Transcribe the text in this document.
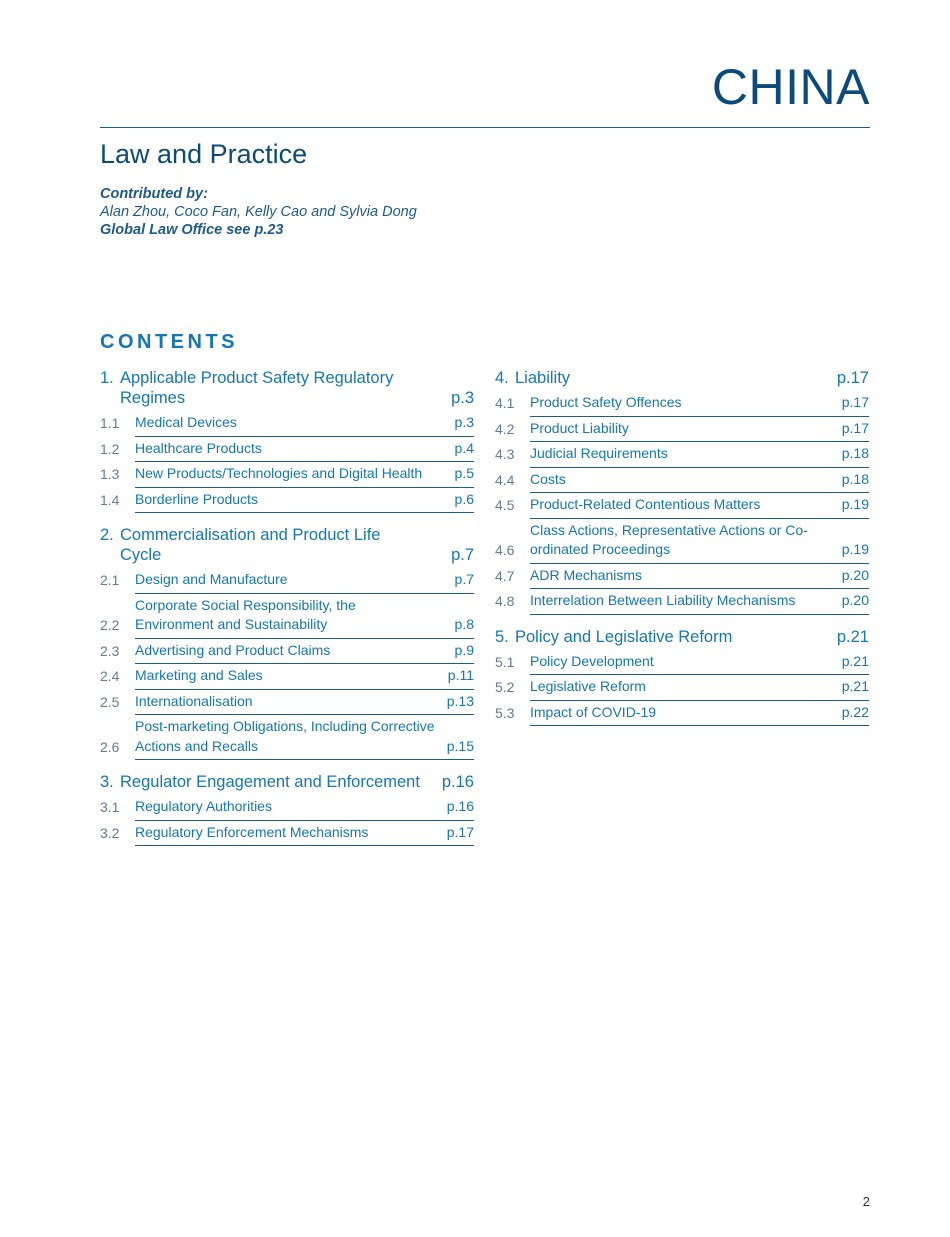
CHINA
Law and Practice
Contributed by:
Alan Zhou, Coco Fan, Kelly Cao and Sylvia Dong
Global Law Office see p.23
CONTENTS
1. Applicable Product Safety Regulatory Regimes	p.3
1.1	Medical Devices	p.3
1.2	Healthcare Products	p.4
1.3	New Products/Technologies and Digital Health p.5
1.4	Borderline Products	p.6
2. Commercialisation and Product Life Cycle	p.7
2.1	Design and Manufacture	p.7
2.2
Corporate Social Responsibility, the Environment and Sustainability	p.8
2.3	Advertising and Product Claims	p.9
2.4	Marketing and Sales	p.11
2.5	Internationalisation	p.13
2.6
Post-marketing Obligations, Including Corrective Actions and Recalls	p.15
3. Regulator Engagement and Enforcement p.16
3.1	Regulatory Authorities	p.16
3.2	Regulatory Enforcement Mechanisms	p.17
4. Liability	p.17
4.1	Product Safety Offences	p.17
4.2	Product Liability	p.17
4.3	Judicial Requirements	p.18
4.4	Costs	p.18
4.5	Product-Related Contentious Matters	p.19
4.6
Class Actions, Representative Actions or Co-ordinated Proceedings	p.19
4.7	ADR Mechanisms	p.20
4.8	Interrelation Between Liability Mechanisms	p.20
5. Policy and Legislative Reform	p.21
5.1	Policy Development	p.21
5.2	Legislative Reform	p.21
5.3	Impact of COVID-19	p.22
2
